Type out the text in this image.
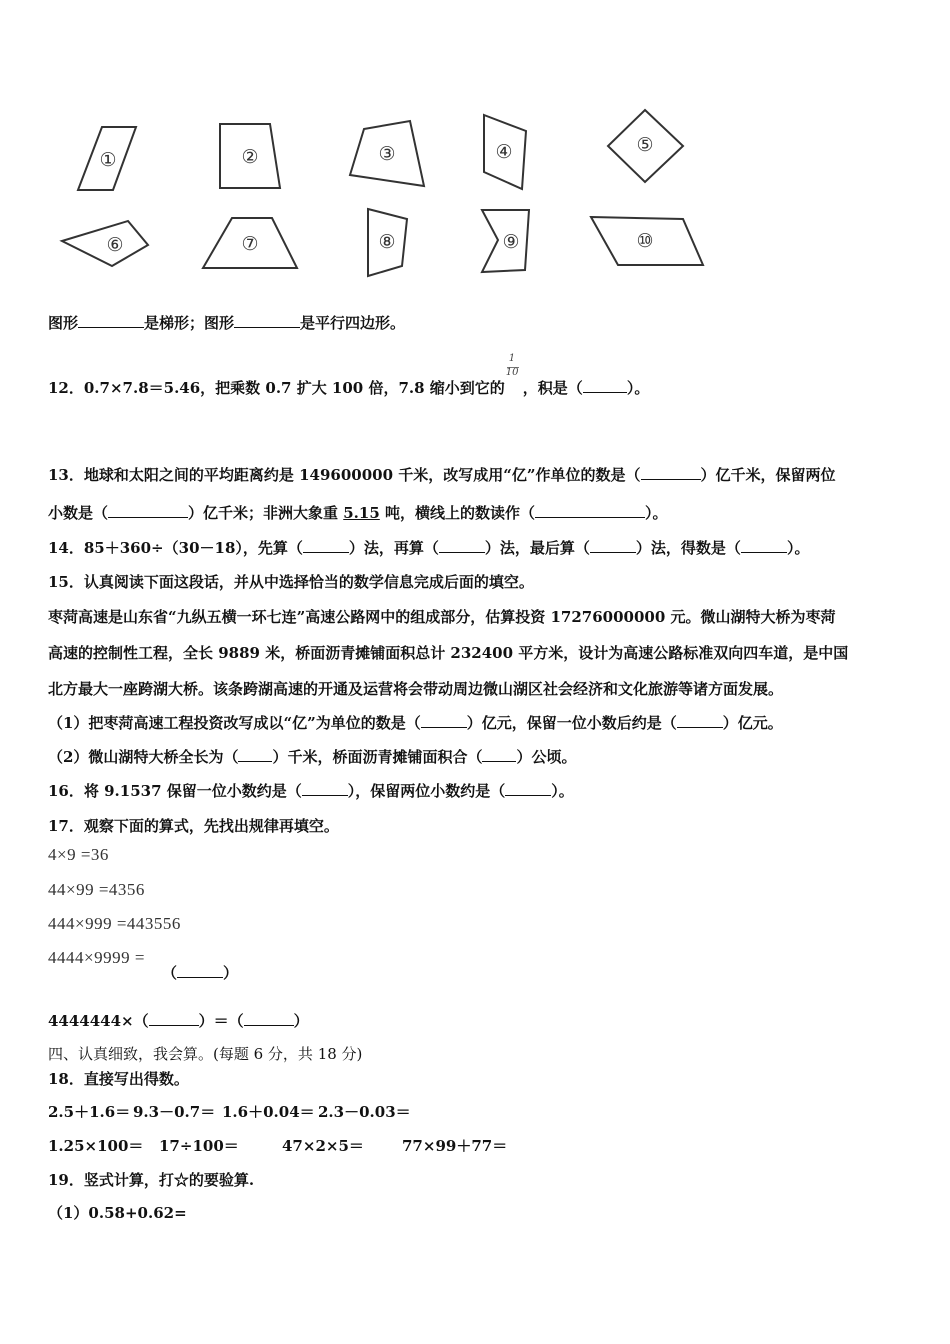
①	②	③	④	⑤
⑥	⑦	⑧	⑨	⑩
图形	是梯形；图形	是平行四边形。
12．0.7×7.8＝5.46，把乘数 0.7 扩大 100 倍，7.8 缩小到它的 $\frac{1}{10}$ ，积是（	）。
13．地球和太阳之间的平均距离约是 149600000 千米，改写成用“亿”作单位的数是（	）亿千米，保留两位
小数是（	）亿千米；非洲大象重 5.15 吨，横线上的数读作（	）。
14．85＋360÷（30－18），先算（	）法，再算（	）法，最后算（	）法，得数是（	）。
15．认真阅读下面这段话，并从中选择恰当的数学信息完成后面的填空。
枣菏高速是山东省“九纵五横一环七连”高速公路网中的组成部分，估算投资 17276000000 元。微山湖特大桥为枣菏
高速的控制性工程，全长 9889 米，桥面沥青摊铺面积总计 232400 平方米，设计为高速公路标准双向四车道，是中国
北方最大一座跨湖大桥。该条跨湖高速的开通及运营将会带动周边微山湖区社会经济和文化旅游等诸方面发展。
（1）把枣菏高速工程投资改写成以“亿”为单位的数是（	）亿元，保留一位小数后约是（	）亿元。
（2）微山湖特大桥全长为（ ）千米，桥面沥青摊铺面积合（ ）公顷。
16．将 9.1537 保留一位小数约是（	），保留两位小数约是（	）。
17．观察下面的算式，先找出规律再填空。
4×9 =36
44×99 =4356
444×999 =443556
4444×9999 =
（	）
4444444×（	）＝（	）
四、认真细致，我会算。(每题 6 分，共 18 分)
18．直接写出得数。
2.5＋1.6＝ 9.3－0.7＝ 1.6＋0.04＝ 2.3－0.03＝
1.25×100＝ 17÷100＝	47×2×5＝	77×99＋77＝
19．竖式计算，打☆的要验算.
（1）0.58+0.62=
